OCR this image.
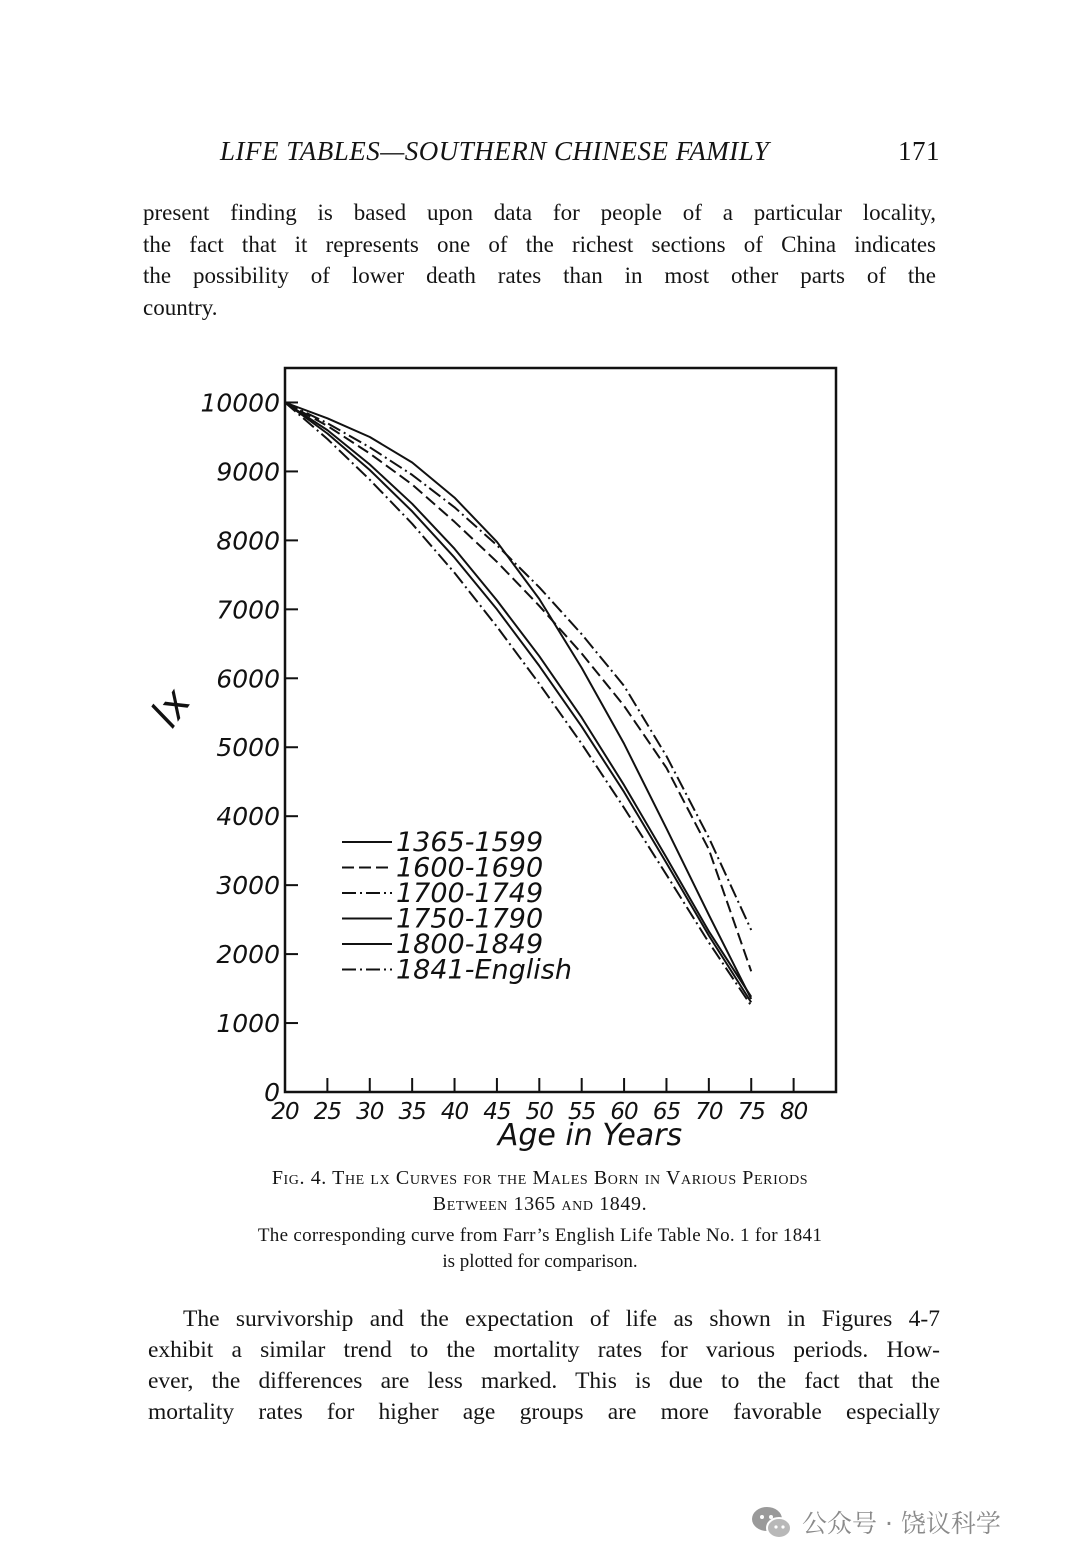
LIFE TABLES—SOUTHERN CHINESE FAMILY	171
present finding is based upon data for people of a particular locality,
the fact that it represents one of the richest sections of China indicates
the possibility of lower death rates than in most other parts of the
country.
0
1000
2000
3000
4000
5000
6000
7000
8000
9000
10000
20 25 30 35 40 45 50 55 60 65 70 75 80
1365-1599
1600-1690
1700-1749
1750-1790
1800-1849
1841-English
lx
Age in Years
Fig. 4. The lx Curves for the Males Born in Various Periods
Between 1365 and 1849.
The corresponding curve from Farr’s English Life Table No. 1 for 1841
is plotted for comparison.
The survivorship and the expectation of life as shown in Figures 4-7
exhibit a similar trend to the mortality rates for various periods. How-
ever, the differences are less marked. This is due to the fact that the
mortality rates for higher age groups are more favorable especially
公众号 · 饶议科学
